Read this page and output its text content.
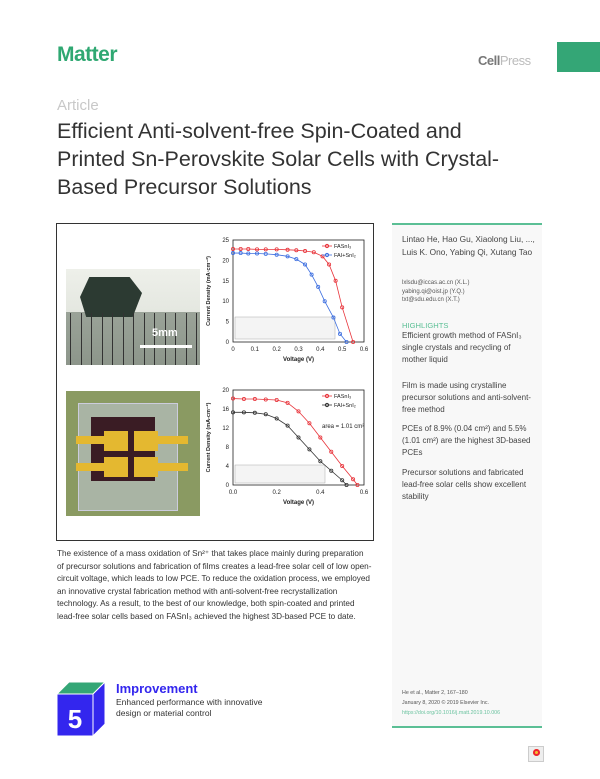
Matter	CellPress
Article
Efficient Anti-solvent-free Spin-Coated and Printed Sn-Perovskite Solar Cells with Crystal-Based Precursor Solutions
5mm
0	0.1 0.2 0.3 0.4 0.5 0.6
0
5
10
15
20
25
Voltage (V)
Current Density (mA·cm⁻²)
FASnI₃
FAI+SnI₂
0.0	0.2	0.4	0.6
0
4
8
12
16
20
Voltage (V)
Current Density (mA-cm⁻²)
FASnI₃
FAI+SnI₂
area = 1.01 cm²
Lintao He, Hao Gu, Xiaolong Liu, ..., Luis K. Ono, Yabing Qi, Xutang Tao
lxlsdu@iccas.ac.cn (X.L.)
yabing.qi@oist.jp (Y.Q.)
txt@sdu.edu.cn (X.T.)
HIGHLIGHTS
Efficient growth method of FASnI₃ single crystals and recycling of mother liquid
Film is made using crystalline precursor solutions and anti-solvent-free method
PCEs of 8.9% (0.04 cm²) and 5.5% (1.01 cm²) are the highest 3D-based PCEs
Precursor solutions and fabricated lead-free solar cells show excellent stability
He et al., Matter 2, 167–180
January 8, 2020 © 2019 Elsevier Inc.
https://doi.org/10.1016/j.matt.2019.10.006

The existence of a mass oxidation of Sn²⁺ that takes place mainly during preparation of precursor solutions and fabrication of films creates a lead-free solar cell of low open-circuit voltage, which leads to low PCE. To reduce the oxidation process, we employed an innovative crystal fabrication method with anti-solvent-free recrystallization technology. As a result, to the best of our knowledge, both spin-coated and printed lead-free solar cells based on FASnI₃ achieved the highest 3D-based PCE to date.

5
Improvement
Enhanced performance with innovative design or material control
